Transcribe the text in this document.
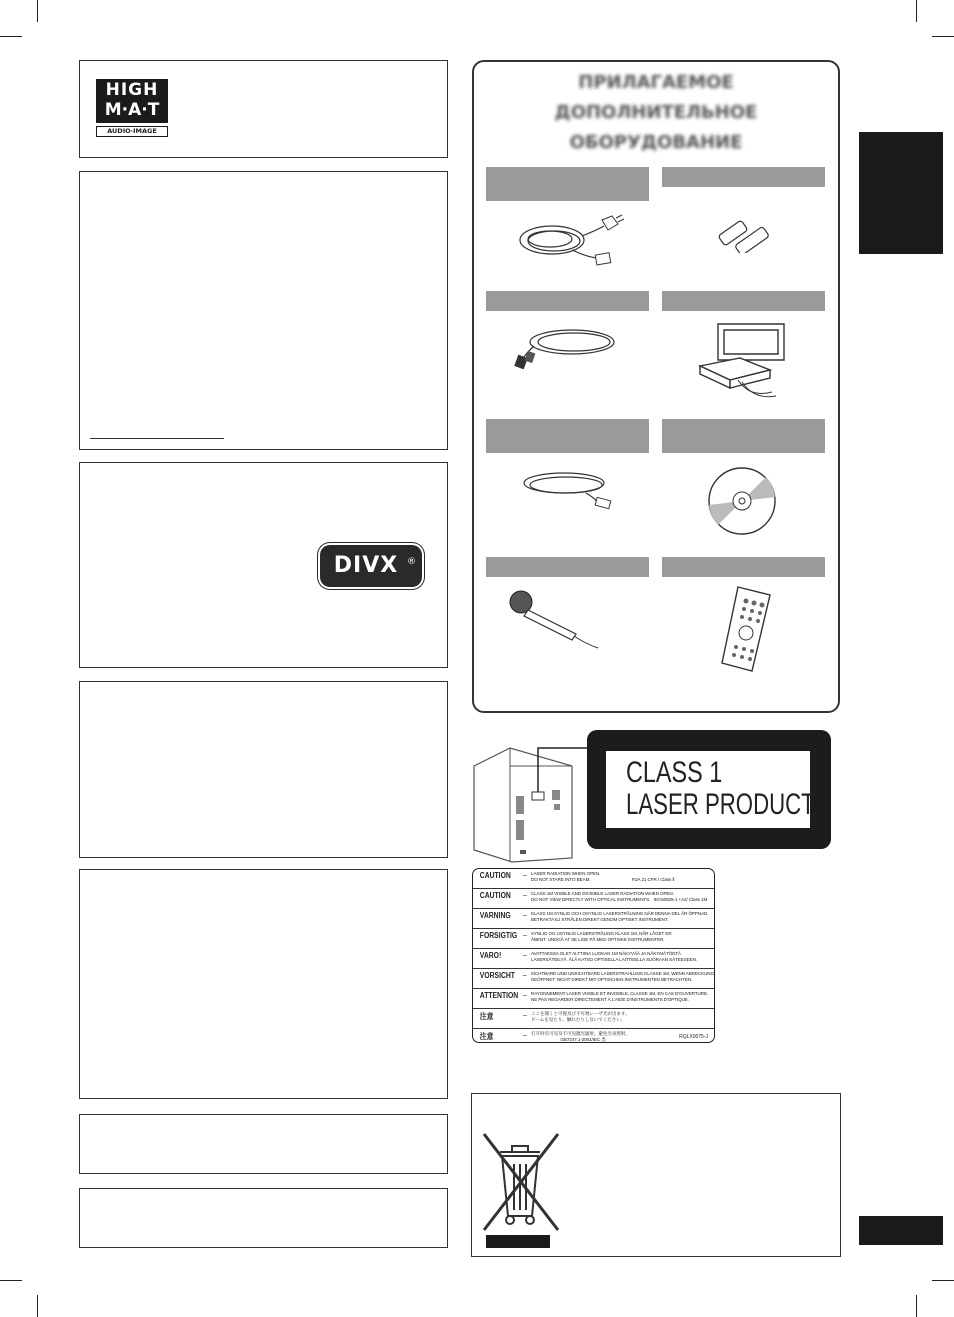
HIGH
M·A·T
AUDIO·IMAGE
DIVX ®
ПРИЛАГАЕМОЕ ДОПОЛНИТЕЛЬНОЕ
ОБОРУДОВАНИЕ
CLASS 1
LASER PRODUCT
CAUTION	– LASER RADIATION WHEN OPEN.
DO NOT STARE INTO BEAM.                                   FDA 21 CFR / Class Ⅱ
CAUTION	– CLASS 1M VISIBLE AND INVISIBLE LASER RADIATION WHEN OPEN.
DO NOT VIEW DIRECTLY WITH OPTICAL INSTRUMENTS.   IEC60825-1 +A2/ Class 1M
VARNING	– KLASS 1M SYNLIG OCH OSYNLIG LASERSTRÅLNING NÄR DENNA DEL ÄR ÖPPNAD.
BETRAKTA EJ STRÅLEN DIREKT GENOM OPTISKT INSTRUMENT.
FORSIGTIG – SYNLIG OG USYNLIG LASERSTRÅLING KLASS 1M, NÅR LÅGET ER
ÅBENT. UNDGÅ AT SE LIGE PÅ MED OPTISKE INSTRUMENTER.
VARO!	– AVATTAESSA OLET ALTTIINA LUOKAN 1M NÄKYVÄÄ JA NÄKYMÄTÖNTÄ
LASERSÄTEILYÄ. ÄLÄ KATSO OPTISELLA LAITTEELLA SUORAAN SÄTEESEEN.
VORSICHT – SICHTBARE UND UNSICHTBARE LASERSTRAHLUNG KLASSE 1M, WENN ABDECKUNG
GEÖFFNET. NICHT DIREKT MIT OPTISCHEN INSTRUMENTEN BETRACHTEN.
ATTENTION – RAYONNEMENT LASER VISIBLE ET INVISIBLE, CLASSE 1M, EN CAS D'OUVERTURE.
NE PAS REGARDER DIRECTEMENT À L'AIDE D'INSTRUMENTS D'OPTIQUE.
注意	– ここを開くと可視及び不可視レーザ光が出ます。
ビームを見たり、触れたりしないでください。
注意	– 打开时有可见及不可见激光辐射。避免光束照射。
GB7247.1-2001/IEC 类	RQLX0075-J
